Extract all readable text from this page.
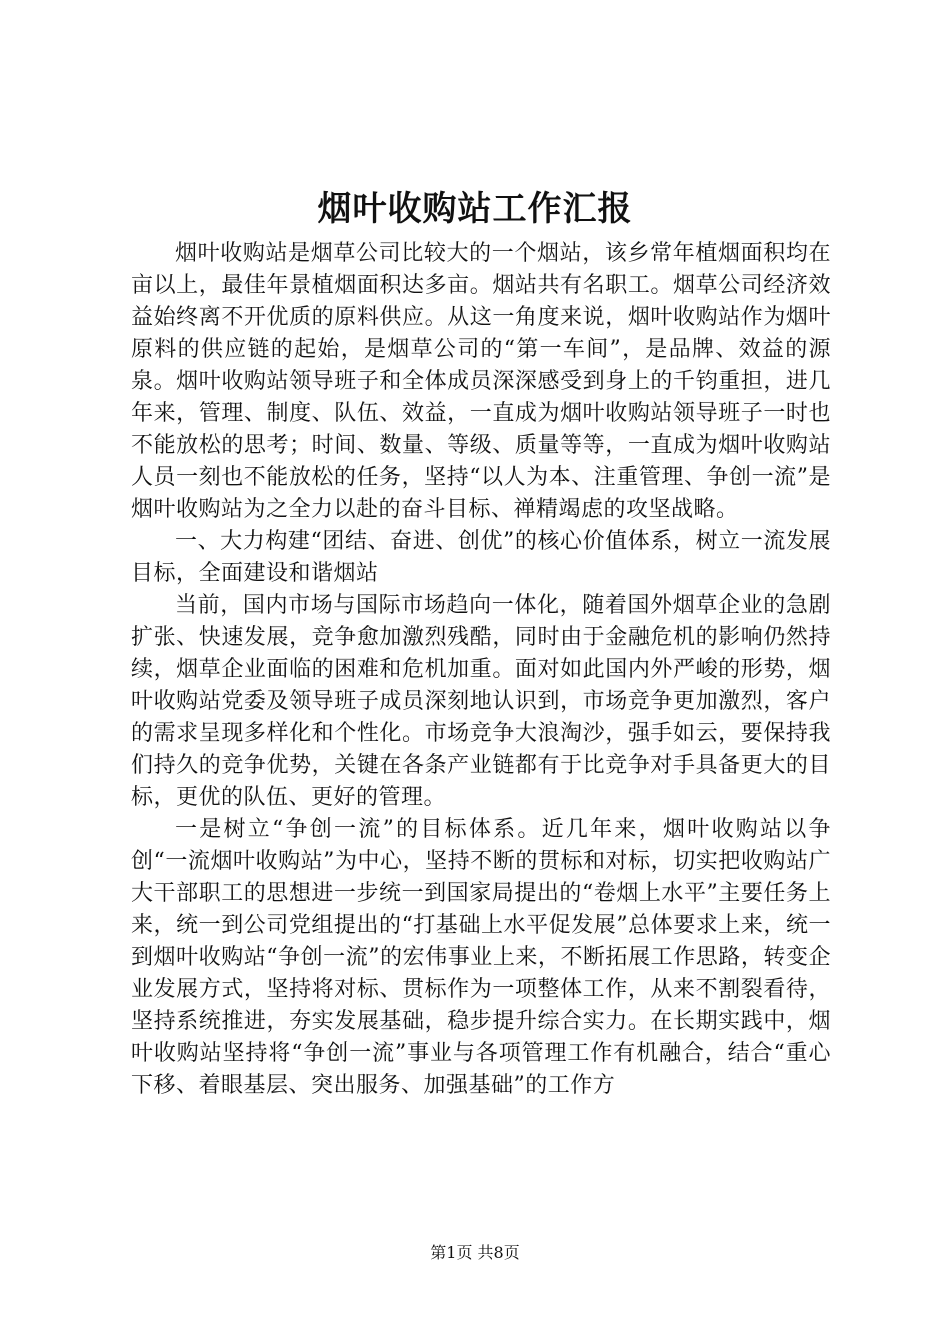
烟叶收购站工作汇报

烟叶收购站是烟草公司比较大的一个烟站，该乡常年植烟面积均在亩以上，最佳年景植烟面积达多亩。烟站共有名职工。烟草公司经济效益始终离不开优质的原料供应。从这一角度来说，烟叶收购站作为烟叶原料的供应链的起始，是烟草公司的“第一车间”，是品牌、效益的源泉。烟叶收购站领导班子和全体成员深深感受到身上的千钧重担，进几年来，管理、制度、队伍、效益，一直成为烟叶收购站领导班子一时也不能放松的思考；时间、数量、等级、质量等等，一直成为烟叶收购站人员一刻也不能放松的任务，坚持“以人为本、注重管理、争创一流”是烟叶收购站为之全力以赴的奋斗目标、禅精竭虑的攻坚战略。

一、大力构建“团结、奋进、创优”的核心价值体系，树立一流发展目标，全面建设和谐烟站

当前，国内市场与国际市场趋向一体化，随着国外烟草企业的急剧扩张、快速发展，竞争愈加激烈残酷，同时由于金融危机的影响仍然持续，烟草企业面临的困难和危机加重。面对如此国内外严峻的形势，烟叶收购站党委及领导班子成员深刻地认识到，市场竞争更加激烈，客户的需求呈现多样化和个性化。市场竞争大浪淘沙，强手如云，要保持我们持久的竞争优势，关键在各条产业链都有于比竞争对手具备更大的目标，更优的队伍、更好的管理。

一是树立“争创一流”的目标体系。近几年来，烟叶收购站以争创“一流烟叶收购站”为中心，坚持不断的贯标和对标，切实把收购站广大干部职工的思想进一步统一到国家局提出的“卷烟上水平”主要任务上来，统一到公司党组提出的“打基础上水平促发展”总体要求上来，统一到烟叶收购站“争创一流”的宏伟事业上来，不断拓展工作思路，转变企业发展方式，坚持将对标、贯标作为一项整体工作，从来不割裂看待，坚持系统推进，夯实发展基础，稳步提升综合实力。在长期实践中，烟叶收购站坚持将“争创一流”事业与各项管理工作有机融合，结合“重心下移、着眼基层、突出服务、加强基础”的工作方

第1页 共8页
